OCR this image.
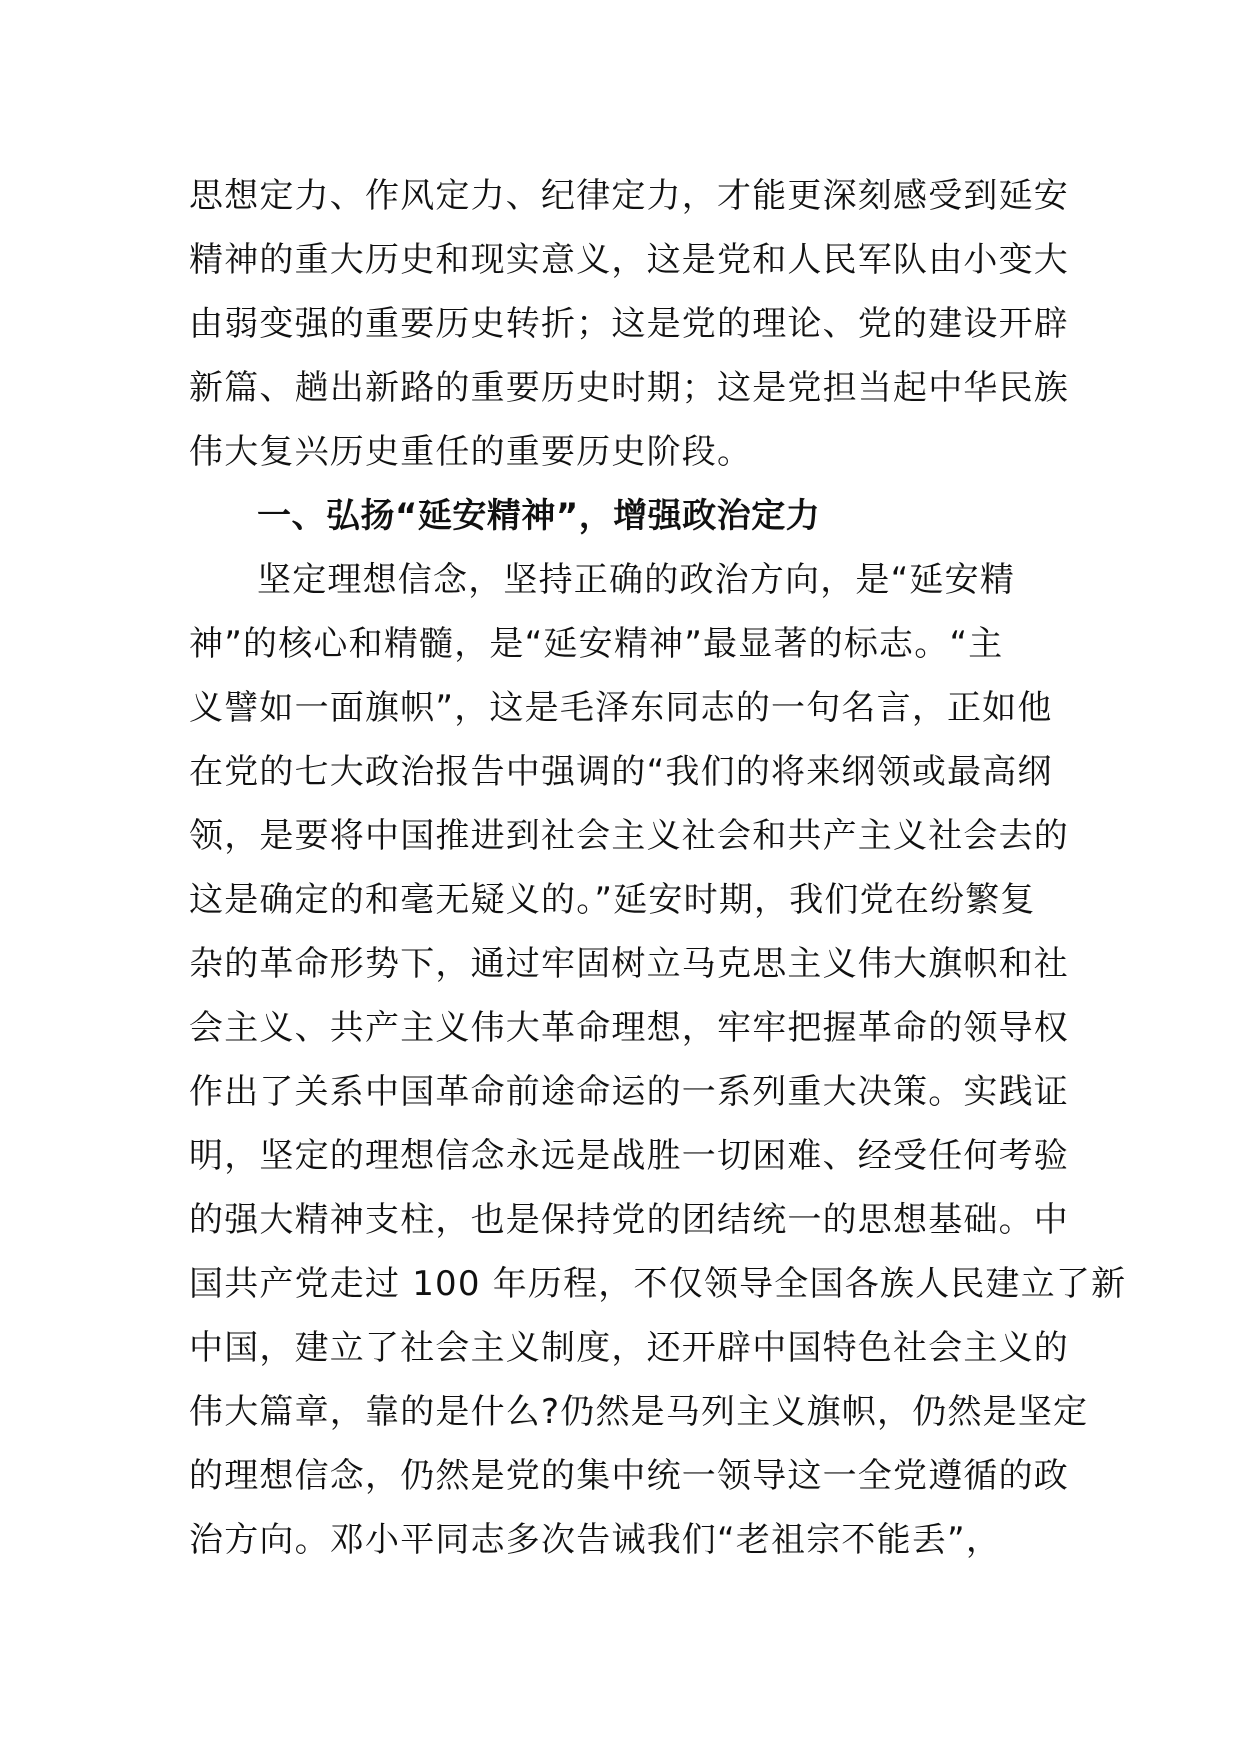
思想定力、作风定力、纪律定力，才能更深刻感受到延安
精神的重大历史和现实意义，这是党和人民军队由小变大
由弱变强的重要历史转折；这是党的理论、党的建设开辟
新篇、趟出新路的重要历史时期；这是党担当起中华民族
伟大复兴历史重任的重要历史阶段。
一、弘扬“延安精神”，增强政治定力
坚定理想信念，坚持正确的政治方向，是“延安精
神”的核心和精髓，是“延安精神”最显著的标志。“主
义譬如一面旗帜”，这是毛泽东同志的一句名言，正如他
在党的七大政治报告中强调的“我们的将来纲领或最高纲
领，是要将中国推进到社会主义社会和共产主义社会去的
这是确定的和毫无疑义的。”延安时期，我们党在纷繁复
杂的革命形势下，通过牢固树立马克思主义伟大旗帜和社
会主义、共产主义伟大革命理想，牢牢把握革命的领导权
作出了关系中国革命前途命运的一系列重大决策。实践证
明，坚定的理想信念永远是战胜一切困难、经受任何考验
的强大精神支柱，也是保持党的团结统一的思想基础。中
国共产党走过 100 年历程，不仅领导全国各族人民建立了新
中国，建立了社会主义制度，还开辟中国特色社会主义的
伟大篇章，靠的是什么?仍然是马列主义旗帜，仍然是坚定
的理想信念，仍然是党的集中统一领导这一全党遵循的政
治方向。邓小平同志多次告诫我们“老祖宗不能丢”，
